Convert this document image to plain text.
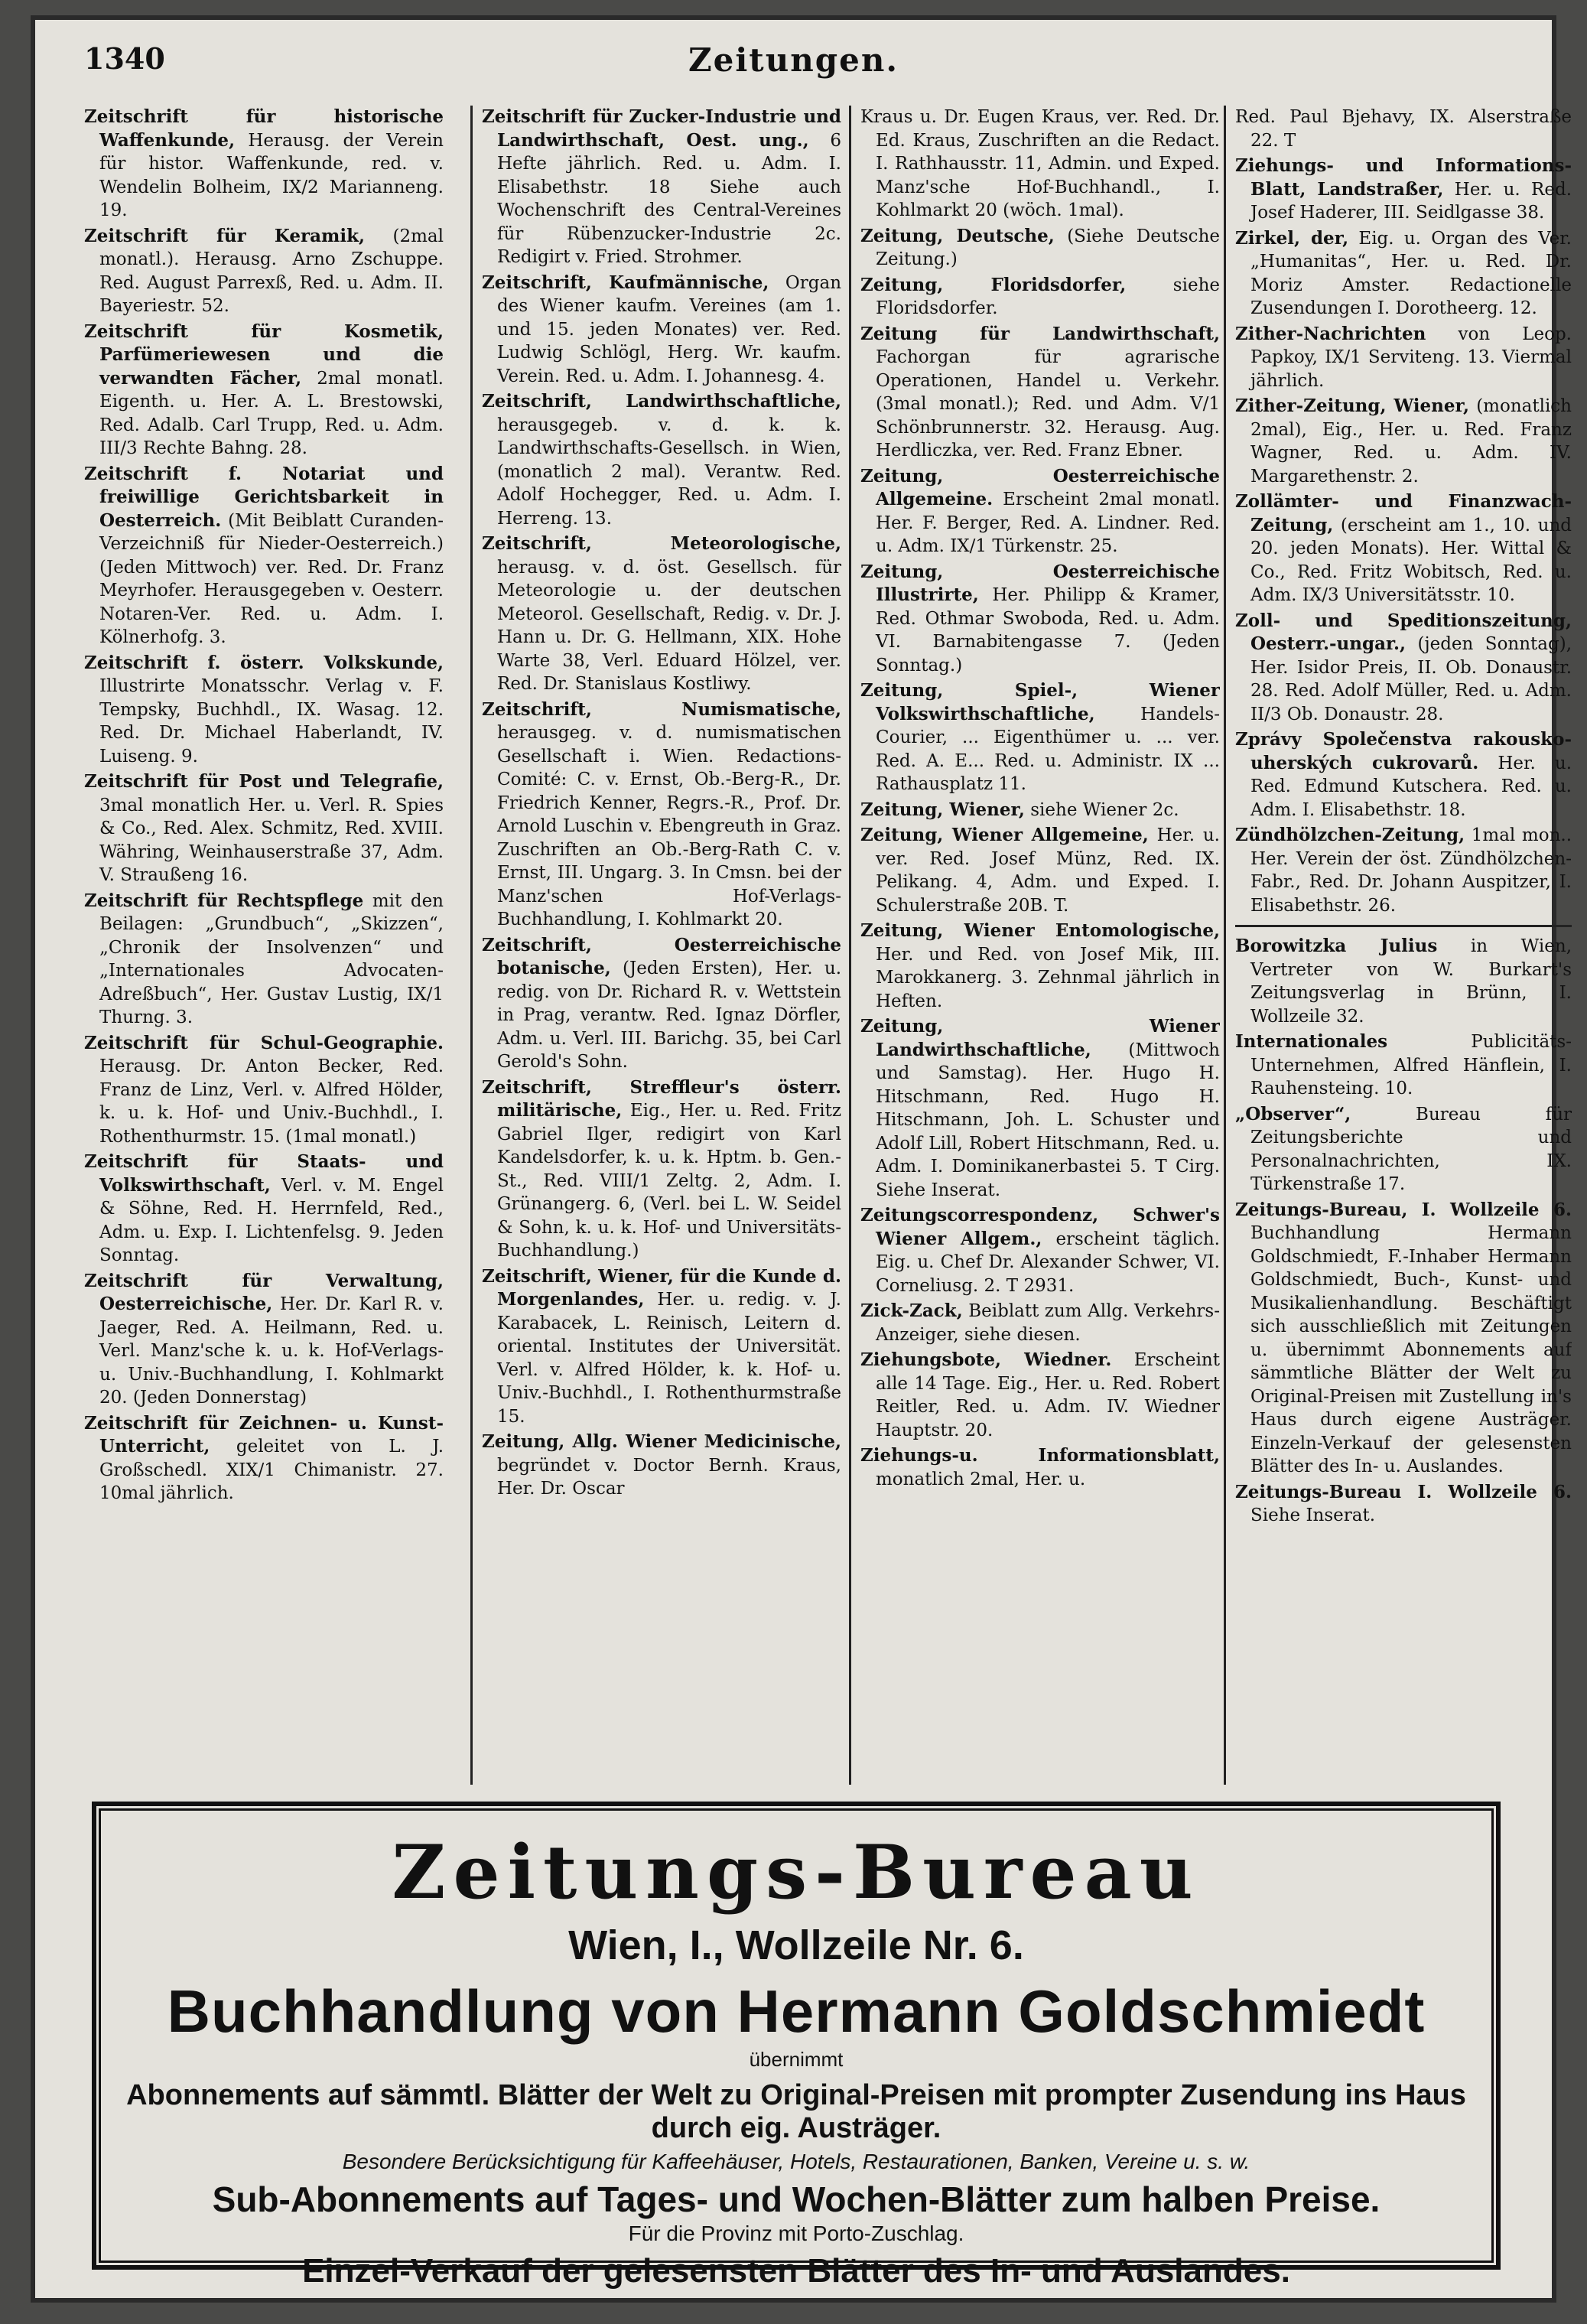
Zeitungen.
1340
Zeitschrift für historische Waffenkunde, Herausg. der Verein für histor. Waffenkunde, red. v. Wendelin Bolheim, IX/2 Marianneng. 19.
Zeitschrift für Keramik, (2mal monatl.). Herausg. Arno Zschuppe. Red. August Parrexß, Red. u. Adm. II. Bayeriestr. 52.
Zeitschrift für Kosmetik, Parfümeriewesen und die verwandten Fächer, 2mal monatl. Eigenth. u. Her. A. L. Brestowski, Red. Adalb. Carl Trupp, Red. u. Adm. III/3 Rechte Bahng. 28.
Zeitschrift f. Notariat und freiwillige Gerichtsbarkeit in Oesterreich. (Mit Beiblatt Curanden-Verzeichniß für Nieder-Oesterreich.) (Jeden Mittwoch) ver. Red. Dr. Franz Meyrhofer. Herausgegeben v. Oesterr. Notaren-Ver. Red. u. Adm. I. Kölnerhofg. 3.
Zeitschrift f. österr. Volkskunde, Illustrirte Monatsschr. Verlag v. F. Tempsky, Buchhdl., IX. Wasag. 12. Red. Dr. Michael Haberlandt, IV. Luiseng. 9.
Zeitschrift für Post und Telegrafie, 3mal monatlich Her. u. Verl. R. Spies & Co., Red. Alex. Schmitz, Red. XVIII. Währing, Weinhauserstraße 37, Adm. V. Straußeng 16.
Zeitschrift für Rechtspflege mit den Beilagen: „Grundbuch“, „Skizzen“, „Chronik der Insolvenzen“ und „Internationales Advocaten-Adreßbuch“, Her. Gustav Lustig, IX/1 Thurng. 3.
Zeitschrift für Schul-Geographie. Herausg. Dr. Anton Becker, Red. Franz de Linz, Verl. v. Alfred Hölder, k. u. k. Hof- und Univ.-Buchhdl., I. Rothenthurmstr. 15. (1mal monatl.)
Zeitschrift für Staats- und Volkswirthschaft, Verl. v. M. Engel & Söhne, Red. H. Herrnfeld, Red., Adm. u. Exp. I. Lichtenfelsg. 9. Jeden Sonntag.
Zeitschrift für Verwaltung, Oesterreichische, Her. Dr. Karl R. v. Jaeger, Red. A. Heilmann, Red. u. Verl. Manz'sche k. u. k. Hof-Verlags- u. Univ.-Buchhandlung, I. Kohlmarkt 20. (Jeden Donnerstag)
Zeitschrift für Zeichnen- u. Kunst-Unterricht, geleitet von L. J. Großschedl. XIX/1 Chimanistr. 27. 10mal jährlich.
Zeitschrift für Zucker-Industrie und Landwirthschaft, Oest. ung., 6 Hefte jährlich. Red. u. Adm. I. Elisabethstr. 18 Siehe auch Wochenschrift des Central-Vereines für Rübenzucker-Industrie 2c. Redigirt v. Fried. Strohmer.
Zeitschrift, Kaufmännische, Organ des Wiener kaufm. Vereines (am 1. und 15. jeden Monates) ver. Red. Ludwig Schlögl, Herg. Wr. kaufm. Verein. Red. u. Adm. I. Johannesg. 4.
Zeitschrift, Landwirthschaftliche, herausgegeb. v. d. k. k. Landwirthschafts-Gesellsch. in Wien, (monatlich 2 mal). Verantw. Red. Adolf Hochegger, Red. u. Adm. I. Herreng. 13.
Zeitschrift, Meteorologische, herausg. v. d. öst. Gesellsch. für Meteorologie u. der deutschen Meteorol. Gesellschaft, Redig. v. Dr. J. Hann u. Dr. G. Hellmann, XIX. Hohe Warte 38, Verl. Eduard Hölzel, ver. Red. Dr. Stanislaus Kostliwy.
Zeitschrift, Numismatische, herausgeg. v. d. numismatischen Gesellschaft i. Wien. Redactions-Comité: C. v. Ernst, Ob.-Berg-R., Dr. Friedrich Kenner, Regrs.-R., Prof. Dr. Arnold Luschin v. Ebengreuth in Graz. Zuschriften an Ob.-Berg-Rath C. v. Ernst, III. Ungarg. 3. In Cmsn. bei der Manz'schen Hof-Verlags-Buchhandlung, I. Kohlmarkt 20.
Zeitschrift, Oesterreichische botanische, (Jeden Ersten), Her. u. redig. von Dr. Richard R. v. Wettstein in Prag, verantw. Red. Ignaz Dörfler, Adm. u. Verl. III. Barichg. 35, bei Carl Gerold's Sohn.
Zeitschrift, Streffleur's österr. militärische, Eig., Her. u. Red. Fritz Gabriel Ilger, redigirt von Karl Kandelsdorfer, k. u. k. Hptm. b. Gen.-St., Red. VIII/1 Zeltg. 2, Adm. I. Grünangerg. 6, (Verl. bei L. W. Seidel & Sohn, k. u. k. Hof- und Universitäts-Buchhandlung.)
Zeitschrift, Wiener, für die Kunde d. Morgenlandes, Her. u. redig. v. J. Karabacek, L. Reinisch, Leitern d. oriental. Institutes der Universität. Verl. v. Alfred Hölder, k. k. Hof- u. Univ.-Buchhdl., I. Rothenthurmstraße 15.
Zeitung, Allg. Wiener Medicinische, begründet v. Doctor Bernh. Kraus, Her. Dr. Oscar
Kraus u. Dr. Eugen Kraus, ver. Red. Dr. Ed. Kraus, Zuschriften an die Redact. I. Rathhausstr. 11, Admin. und Exped. Manz'sche Hof-Buchhandl., I. Kohlmarkt 20 (wöch. 1mal).
Zeitung, Deutsche, (Siehe Deutsche Zeitung.)
Zeitung, Floridsdorfer,	siehe Floridsdorfer.
Zeitung für Landwirthschaft, Fachorgan für agrarische Operationen, Handel u. Verkehr. (3mal monatl.); Red. und Adm. V/1 Schönbrunnerstr. 32. Herausg. Aug. Herdliczka, ver. Red. Franz Ebner.
Zeitung, Oesterreichische Allgemeine. Erscheint 2mal monatl. Her. F. Berger, Red. A. Lindner. Red. u. Adm. IX/1 Türkenstr. 25.
Zeitung, Oesterreichische Illustrirte, Her. Philipp & Kramer, Red. Othmar Swoboda, Red. u. Adm. VI. Barnabitengasse 7. (Jeden Sonntag.)
Zeitung, Spiel-, Wiener Volkswirthschaftliche,	Handels-Courier, ... Eigenthümer u. ... ver. Red. A. E... Red. u. Administr. IX ... Rathausplatz 11.
Zeitung, Wiener, siehe Wiener 2c.
Zeitung, Wiener Allgemeine, Her. u. ver. Red. Josef Münz, Red. IX. Pelikang. 4, Adm. und Exped. I. Schulerstraße 20B. T.
Zeitung, Wiener Entomologische, Her. und Red. von Josef Mik, III. Marokkanerg. 3. Zehnmal jährlich in Heften.
Zeitung, Wiener Landwirthschaftliche, (Mittwoch und Samstag). Her. Hugo H. Hitschmann, Red. Hugo H. Hitschmann, Joh. L. Schuster und Adolf Lill, Robert Hitschmann, Red. u. Adm. I. Dominikanerbastei 5. T Cirg. Siehe Inserat.
Zeitungscorrespondenz, Schwer's Wiener Allgem., erscheint täglich. Eig. u. Chef Dr. Alexander Schwer, VI. Corneliusg. 2. T 2931.
Zick-Zack, Beiblatt zum Allg. Verkehrs-Anzeiger, siehe diesen.
Ziehungsbote, Wiedner. Erscheint alle 14 Tage. Eig., Her. u. Red. Robert Reitler, Red. u. Adm. IV. Wiedner Hauptstr. 20.
Ziehungs-u. Informationsblatt, monatlich 2mal, Her. u.
Red. Paul Bjehavy, IX. Alserstraße 22. T
Ziehungs- und Informations-Blatt, Landstraßer, Her. u. Red. Josef Haderer, III. Seidlgasse 38.
Zirkel, der, Eig. u. Organ des Ver. „Humanitas“, Her. u. Red. Dr. Moriz Amster. Redactionelle Zusendungen I. Dorotheerg. 12.
Zither-Nachrichten von Leop. Papkoy, IX/1 Serviteng. 13. Viermal jährlich.
Zither-Zeitung, Wiener, (monatlich 2mal), Eig., Her. u. Red. Franz Wagner, Red. u. Adm. IV. Margarethenstr. 2.
Zollämter- und Finanzwach-Zeitung, (erscheint am 1., 10. und 20. jeden Monats). Her. Wittal & Co., Red. Fritz Wobitsch, Red. u. Adm. IX/3 Universitätsstr. 10.
Zoll- und Speditionszeitung, Oesterr.-ungar., (jeden Sonntag), Her. Isidor Preis, II. Ob. Donaustr. 28. Red. Adolf Müller, Red. u. Adm. II/3 Ob. Donaustr. 28.
Zprávy Společenstva rakousko-uherských cukrovarů. Her. u. Red. Edmund Kutschera. Red. u. Adm. I. Elisabethstr. 18.
Zündhölzchen-Zeitung, 1mal mon.. Her. Verein der öst. Zündhölzchen-Fabr., Red. Dr. Johann Auspitzer, I. Elisabethstr. 26.
Borowitzka Julius in Wien, Vertreter von W. Burkart's Zeitungsverlag in Brünn, I. Wollzeile 32.
Internationales	Publicitäts-Unternehmen, Alfred Hänflein, I. Rauhensteing. 10.
„Observer“,	Bureau für Zeitungsberichte und Personalnachrichten, IX. Türkenstraße 17.
Zeitungs-Bureau, I. Wollzeile 6. Buchhandlung Hermann Goldschmiedt, F.-Inhaber Hermann Goldschmiedt, Buch-, Kunst- und Musikalienhandlung. Beschäftigt sich ausschließlich mit Zeitungen u. übernimmt Abonnements auf sämmtliche Blätter der Welt zu Original-Preisen mit Zustellung in's Haus durch eigene Austräger. Einzeln-Verkauf der gelesensten Blätter des In- u. Auslandes.
Zeitungs-Bureau I. Wollzeile 6. Siehe Inserat.
Zeitungs-Bureau
Wien, I., Wollzeile Nr. 6.
Buchhandlung von Hermann Goldschmiedt
übernimmt
Abonnements auf sämmtl. Blätter der Welt zu Original-Preisen mit prompter Zusendung ins Haus durch eig. Austräger.
Besondere Berücksichtigung für Kaffeehäuser, Hotels, Restaurationen, Banken, Vereine u. s. w.
Sub-Abonnements auf Tages- und Wochen-Blätter zum halben Preise.
Für die Provinz mit Porto-Zuschlag.
Einzel-Verkauf der gelesensten Blätter des In- und Auslandes.
